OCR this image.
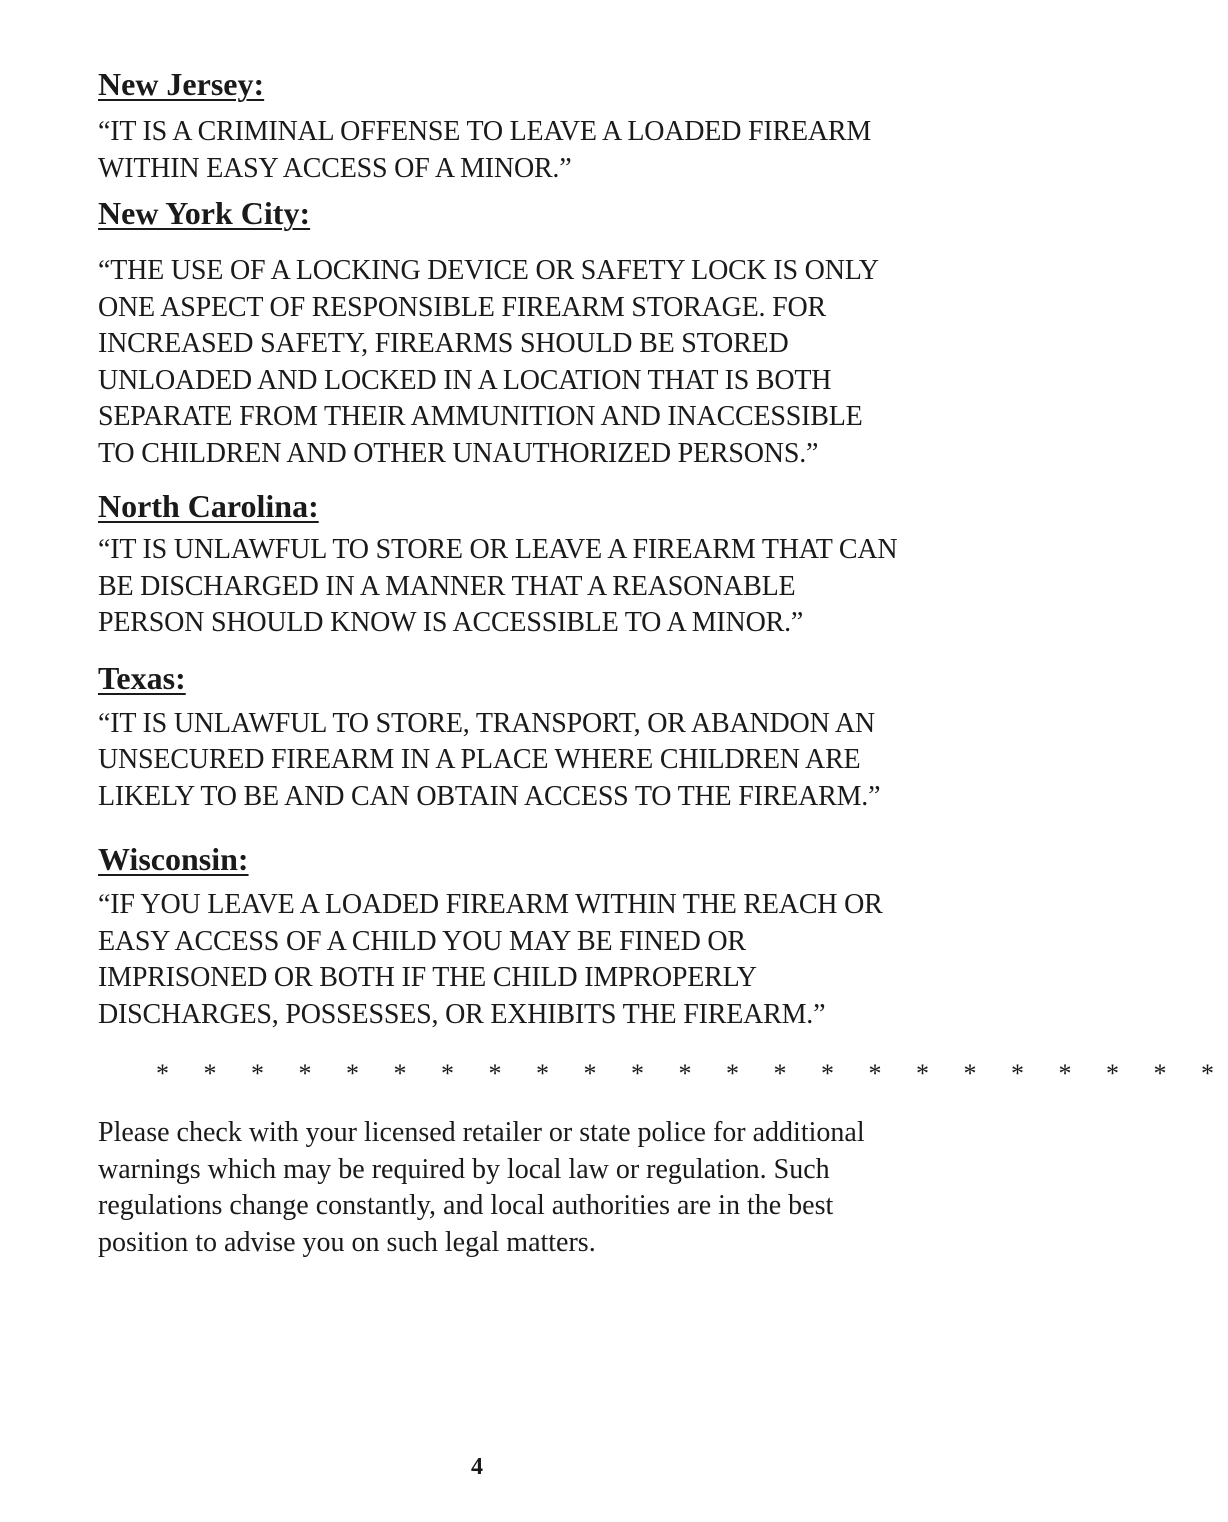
New Jersey:

“IT IS A CRIMINAL OFFENSE TO LEAVE A LOADED FIREARM WITHIN EASY ACCESS OF A MINOR.”

New York City:

“THE USE OF A LOCKING DEVICE OR SAFETY LOCK IS ONLY ONE ASPECT OF RESPONSIBLE FIREARM STORAGE. FOR INCREASED SAFETY, FIREARMS SHOULD BE STORED UNLOADED AND LOCKED IN A LOCATION THAT IS BOTH SEPARATE FROM THEIR AMMUNITION AND INACCESSIBLE TO CHILDREN AND OTHER UNAUTHORIZED PERSONS.”

North Carolina:

“IT IS UNLAWFUL TO STORE OR LEAVE A FIREARM THAT CAN BE DISCHARGED IN A MANNER THAT A REASONABLE PERSON SHOULD KNOW IS ACCESSIBLE TO A MINOR.”

Texas:

“IT IS UNLAWFUL TO STORE, TRANSPORT, OR ABANDON AN UNSECURED FIREARM IN A PLACE WHERE CHILDREN ARE LIKELY TO BE AND CAN OBTAIN ACCESS TO THE FIREARM.”

Wisconsin:

“IF YOU LEAVE A LOADED FIREARM WITHIN THE REACH OR EASY ACCESS OF A CHILD YOU MAY BE FINED OR IMPRISONED OR BOTH IF THE CHILD IMPROPERLY DISCHARGES, POSSESSES, OR EXHIBITS THE FIREARM.”

* * * * * * * * * * * * * * * * * * * * * * *

Please check with your licensed retailer or state police for additional warnings which may be required by local law or regulation. Such regulations change constantly, and local authorities are in the best position to advise you on such legal matters.

4
